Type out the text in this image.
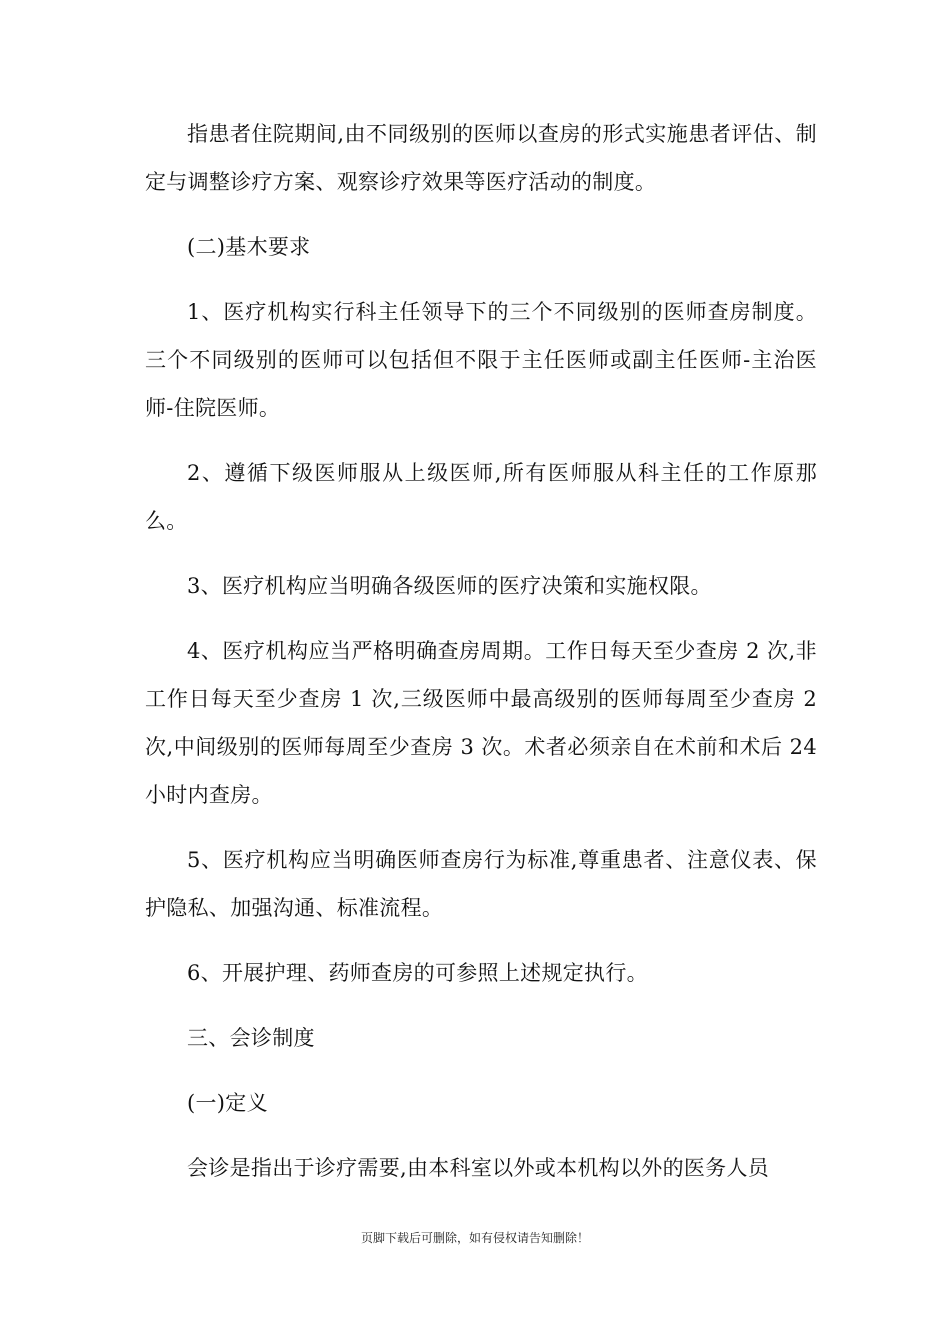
指患者住院期间,由不同级别的医师以查房的形式实施患者评估、制定与调整诊疗方案、观察诊疗效果等医疗活动的制度。

(二)基木要求

1、医疗机构实行科主任领导下的三个不同级别的医师查房制度。三个不同级别的医师可以包括但不限于主任医师或副主任医师-主治医师-住院医师。

2、遵循下级医师服从上级医师,所有医师服从科主任的工作原那么。

3、医疗机构应当明确各级医师的医疗决策和实施权限。

4、医疗机构应当严格明确查房周期。工作日每天至少查房 2 次,非工作日每天至少查房 1 次,三级医师中最高级别的医师每周至少查房 2 次,中间级别的医师每周至少查房 3 次。术者必须亲自在术前和术后 24 小时内查房。

5、医疗机构应当明确医师查房行为标准,尊重患者、注意仪表、保护隐私、加强沟通、标准流程。

6、开展护理、药师查房的可参照上述规定执行。

三、会诊制度

(一)定义

会诊是指出于诊疗需要,由本科室以外或本机构以外的医务人员

页脚下载后可删除，如有侵权请告知删除！
